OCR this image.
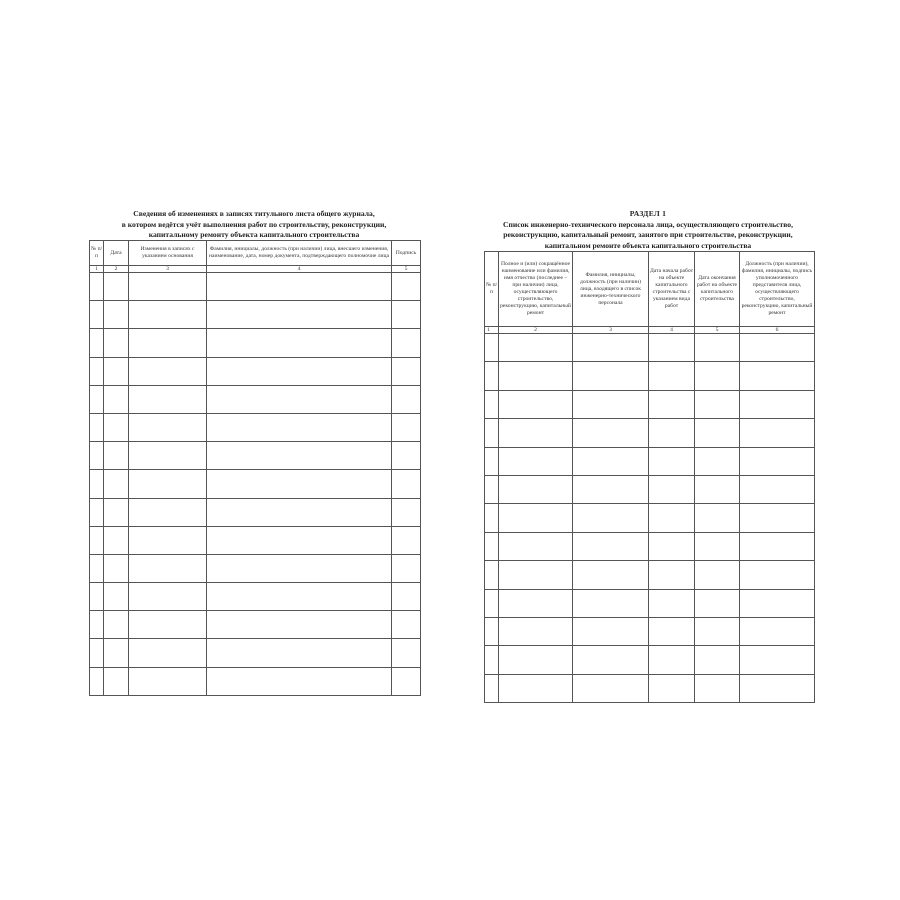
Сведения об изменениях в записях титульного листа общего журнала,
в котором ведётся учёт выполнения работ по строительству, реконструкции,
капитальному ремонту объекта капитального строительства
№ п/п	Дата	Изменения в записях с указанием основания	Фамилия, инициалы, должность (при наличии) лица, внесшего изменения, наименование, дата, номер документа, подтверждающего полномочие лица	Подпись
1	2	3	4	5

РАЗДЕЛ 1
Список инженерно-технического персонала лица, осуществляющего строительство,
реконструкцию, капитальный ремонт, занятого при строительстве, реконструкции,
капитальном ремонте объекта капитального строительства
№ п/п	Полное и (или) сокращённое наименование или фамилия, имя отчество (последнее – при наличии) лица, осуществляющего строительство, реконструкцию, капитальный ремонт	Фамилия, инициалы, должность (при наличии) лица, входящего в список инженерно-технического персонала	Дата начала работ на объекте капитального строительства с указанием вида работ	Дата окончания работ на объекте капитального строительства	Должность (при наличии), фамилия, инициалы, подпись уполномоченного представителя лица, осуществляющего строительство, реконструкцию, капитальный ремонт
1	2	3	4	5	6
